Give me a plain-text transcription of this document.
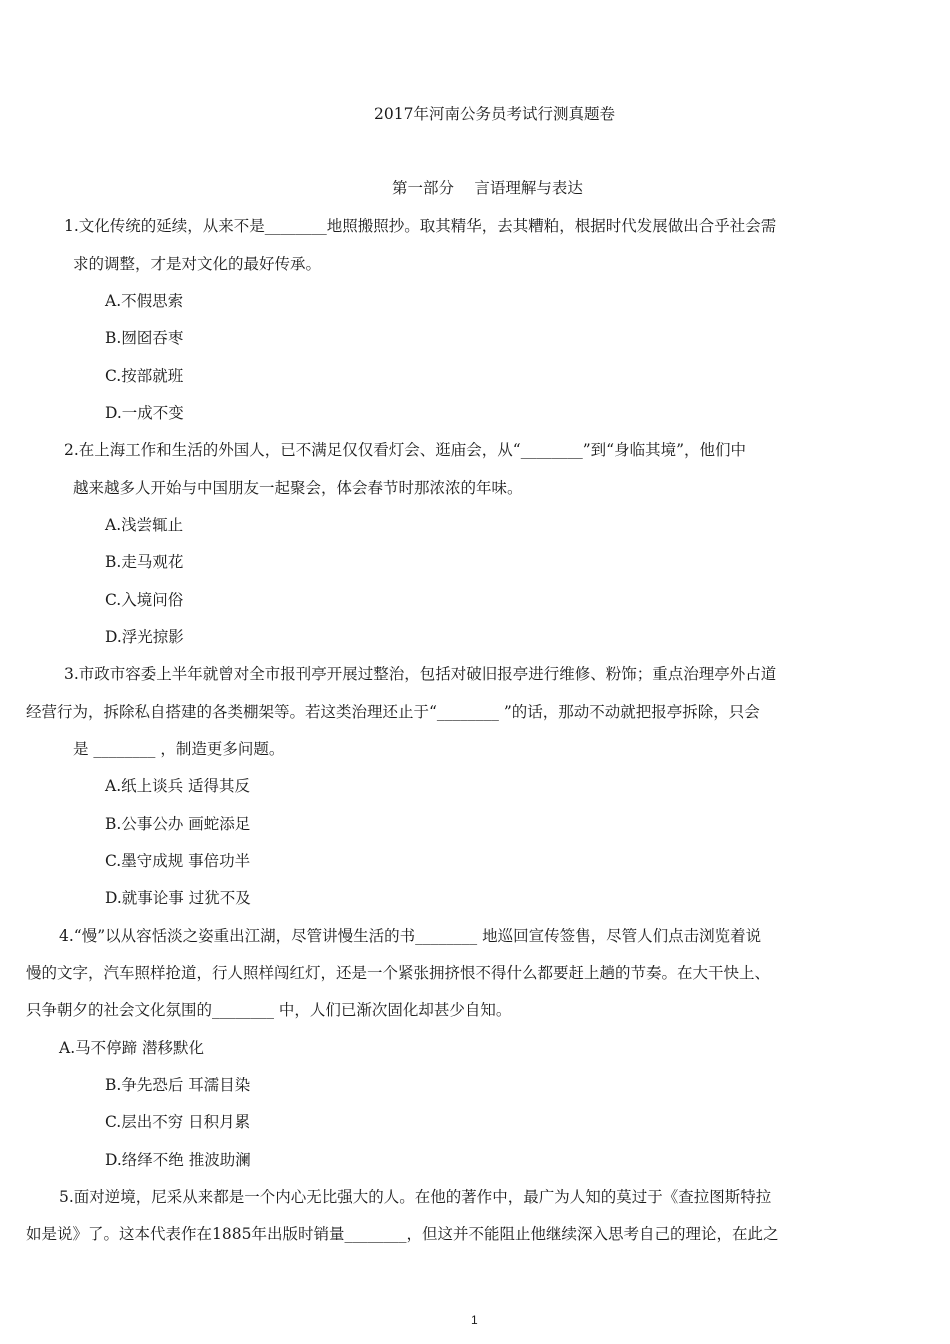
2017年河南公务员考试行测真题卷
第一部分　 言语理解与表达
1.文化传统的延续，从来不是________地照搬照抄。取其精华，去其糟粕，根据时代发展做出合乎社会需
求的调整，才是对文化的最好传承。
A.不假思索
B.囫囵吞枣
C.按部就班
D.一成不变
2.在上海工作和生活的外国人，已不满足仅仅看灯会、逛庙会，从“________”到“身临其境”，他们中
越来越多人开始与中国朋友一起聚会，体会春节时那浓浓的年味。
A.浅尝辄止
B.走马观花
C.入境问俗
D.浮光掠影
3.市政市容委上半年就曾对全市报刊亭开展过整治，包括对破旧报亭进行维修、粉饰；重点治理亭外占道
经营行为，拆除私自搭建的各类棚架等。若这类治理还止于“________ ”的话，那动不动就把报亭拆除，只会
是 ________ ，制造更多问题。
A.纸上谈兵 适得其反
B.公事公办 画蛇添足
C.墨守成规 事倍功半
D.就事论事 过犹不及
4.“慢”以从容恬淡之姿重出江湖，尽管讲慢生活的书________ 地巡回宣传签售，尽管人们点击浏览着说
慢的文字，汽车照样抢道，行人照样闯红灯，还是一个紧张拥挤恨不得什么都要赶上趟的节奏。在大干快上、
只争朝夕的社会文化氛围的________ 中，人们已渐次固化却甚少自知。
A.马不停蹄 潜移默化
B.争先恐后 耳濡目染
C.层出不穷 日积月累
D.络绎不绝 推波助澜
5.面对逆境，尼采从来都是一个内心无比强大的人。在他的著作中，最广为人知的莫过于《查拉图斯特拉
如是说》了。这本代表作在1885年出版时销量________，但这并不能阻止他继续深入思考自己的理论，在此之
1
